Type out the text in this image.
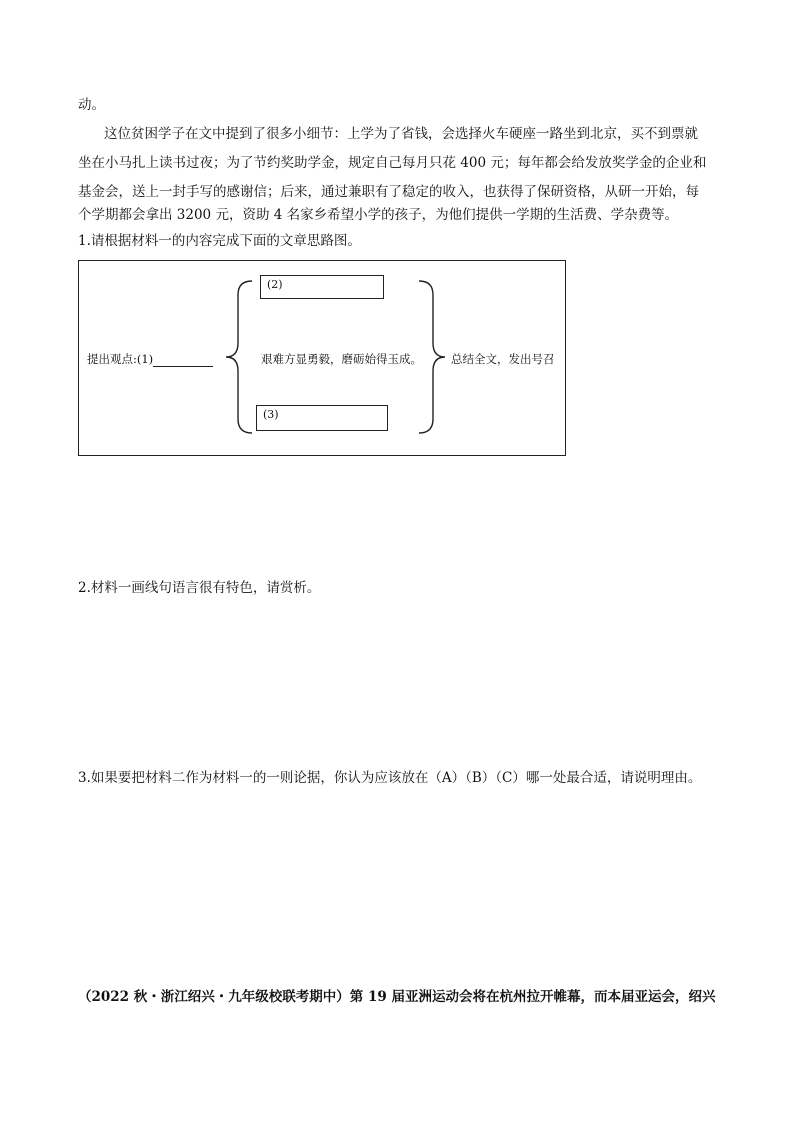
动。
这位贫困学子在文中提到了很多小细节：上学为了省钱，会选择火车硬座一路坐到北京，买不到票就
坐在小马扎上读书过夜；为了节约奖助学金，规定自己每月只花 400 元；每年都会给发放奖学金的企业和
基金会，送上一封手写的感谢信；后来，通过兼职有了稳定的收入，也获得了保研资格，从研一开始，每
个学期都会拿出 3200 元，资助 4 名家乡希望小学的孩子，为他们提供一学期的生活费、学杂费等。
1.请根据材料一的内容完成下面的文章思路图。
提出观点:(1)
(2)
艰难方显勇毅，磨砺始得玉成。
(3)
总结全文，发出号召
2.材料一画线句语言很有特色，请赏析。
3.如果要把材料二作为材料一的一则论据，你认为应该放在（A）（B）（C）哪一处最合适，请说明理由。
（2022 秋・浙江绍兴・九年级校联考期中）第 19 届亚洲运动会将在杭州拉开帷幕，而本届亚运会，绍兴
